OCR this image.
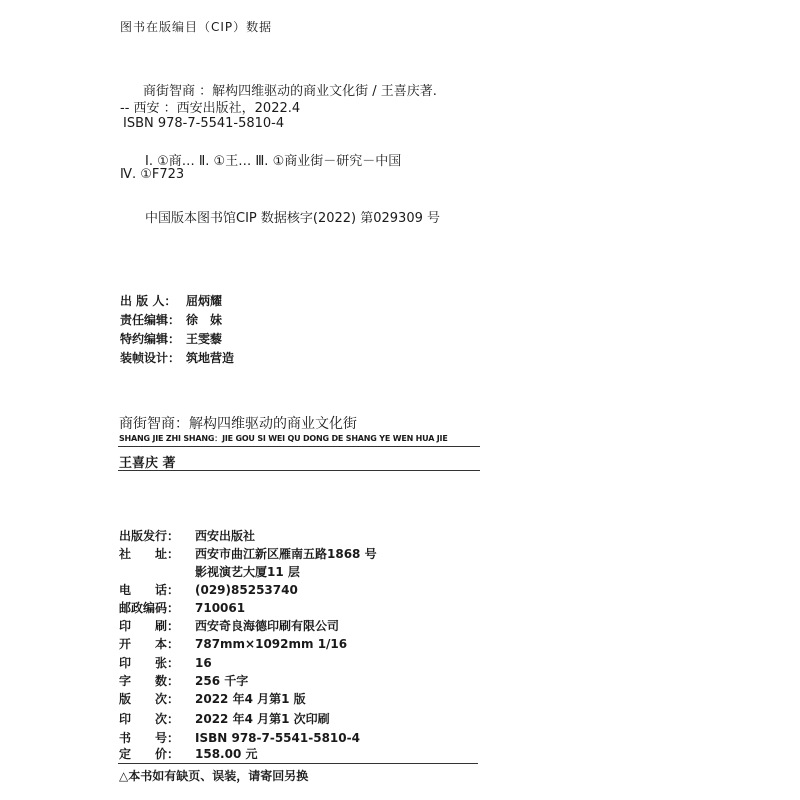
图书在版编目（CIP）数据
商街智商 ：解构四维驱动的商业文化街 / 王喜庆著.
-- 西安 ：西安出版社，2022.4
ISBN 978-7-5541-5810-4
Ⅰ. ①商… Ⅱ. ①王… Ⅲ. ①商业街－研究－中国
Ⅳ. ①F723
中国版本图书馆CIP 数据核字(2022) 第029309 号
出 版 人： 屈炳耀
责任编辑： 徐　妹
特约编辑： 王雯藜
装帧设计： 筑地营造
商街智商：解构四维驱动的商业文化街
SHANG JIE ZHI SHANG：JIE GOU SI WEI QU DONG DE SHANG YE WEN HUA JIE
王喜庆 著
出版发行： 西安出版社
社　　址： 西安市曲江新区雁南五路1868 号
影视演艺大厦11 层
电　　话： (029)85253740
邮政编码： 710061
印　　刷： 西安奇良海德印刷有限公司
开　　本： 787mm×1092mm 1/16
印　　张： 16
字　　数： 256 千字
版　　次： 2022 年4 月第1 版
印　　次： 2022 年4 月第1 次印刷
书　　号： ISBN 978-7-5541-5810-4
定　　价： 158.00 元
△本书如有缺页、误装，请寄回另换
